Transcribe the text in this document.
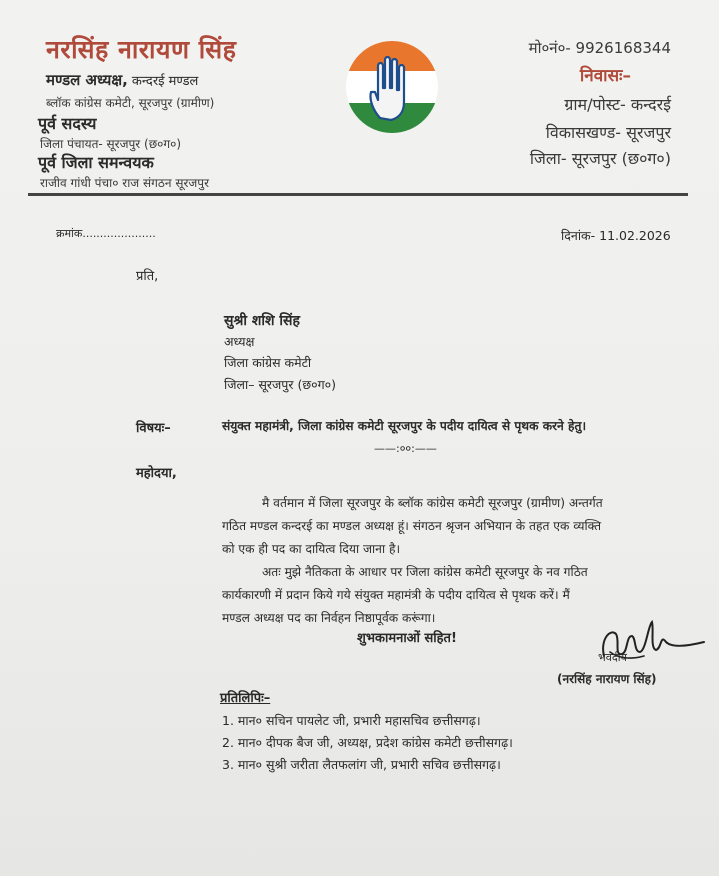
नरसिंह नारायण सिंह
मण्डल अध्यक्ष, कन्दरई मण्डल
ब्लॉक कांग्रेस कमेटी, सूरजपुर (ग्रामीण)
पूर्व सदस्य
जिला पंचायत- सूरजपुर (छ०ग०)
पूर्व जिला समन्वयक
राजीव गांधी पंचा० राज संगठन सूरजपुर
मो०नं०- 9926168344
निवासः–
ग्राम/पोस्ट- कन्दरई
विकासखण्ड- सूरजपुर
जिला- सूरजपुर (छ०ग०)
क्रमांक.....................	दिनांक- 11.02.2026
प्रति,
सुश्री शशि सिंह
अध्यक्ष
जिला कांग्रेस कमेटी
जिला– सूरजपुर (छ०ग०)
विषयः–	संयुक्त महामंत्री, जिला कांग्रेस कमेटी सूरजपुर के पदीय दायित्व से पृथक करने हेतु।
——:००:——
महोदया,
मै वर्तमान में जिला सूरजपुर के ब्लॉक कांग्रेस कमेटी सूरजपुर (ग्रामीण) अन्तर्गत
गठित मण्डल कन्दरई का मण्डल अध्यक्ष हूं। संगठन श्रृजन अभियान के तहत एक व्यक्ति
को एक ही पद का दायित्व दिया जाना है।
अतः मुझे नैतिकता के आधार पर जिला कांग्रेस कमेटी सूरजपुर के नव गठित
कार्यकारणी में प्रदान किये गये संयुक्त महामंत्री के पदीय दायित्व से पृथक करें। मैं
मण्डल अध्यक्ष पद का निर्वहन निष्ठापूर्वक करूंगा।
शुभकामनाओं सहित!
भवदीय
(नरसिंह नारायण सिंह)
प्रतिलिपिः–
1. मान० सचिन पायलेट जी, प्रभारी महासचिव छत्तीसगढ़।
2. मान० दीपक बैज जी, अध्यक्ष, प्रदेश कांग्रेस कमेटी छत्तीसगढ़।
3. मान० सुश्री जरीता लैतफलांग जी, प्रभारी सचिव छत्तीसगढ़।
